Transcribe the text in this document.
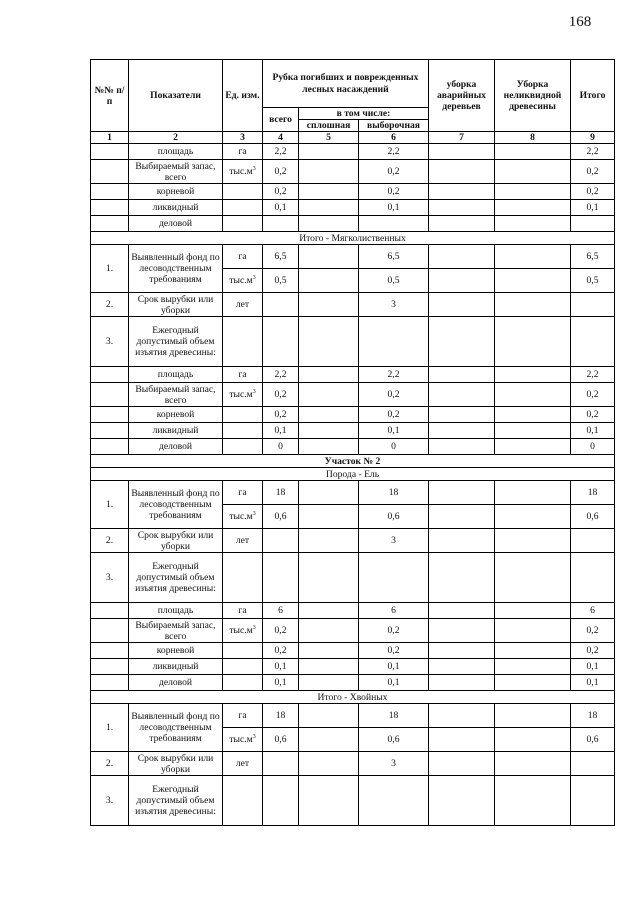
168
№№ п/п	Показатели	Ед. изм.	Рубка погибших и поврежденных лесных насаждений			уборка аварийных деревьев	Уборка неликвидной древесины	Итого
			всего	в том числе:				
				сплошная	выборочная			

1	2	3	4	5	6	7	8	9
	площадь	га	2,2		2,2			2,2
	Выбираемый запас, всего	$тыс.м^3$	0,2		0,2			0,2
	корневой		0,2		0,2			0,2
	ликвидный		0,1		0,1			0,1
	деловой							
Итого - Мягколиственных								
1.	Выявленный фонд по лесоводственным требованиям	га	6,5		6,5			6,5
		$тыс.м^3$	0,5		0,5			0,5
2.	Срок вырубки или уборки	лет			3			
3.	Ежегодный допустимый объем изъятия древесины:							
	площадь	га	2,2		2,2			2,2
	Выбираемый запас, всего	$тыс.м^3$	0,2		0,2			0,2
	корневой		0,2		0,2			0,2
	ликвидный		0,1		0,1			0,1
	деловой		0		0			0
Участок № 2								
Порода - Ель								
1.	Выявленный фонд по лесоводственным требованиям	га	18		18			18
		$тыс.м^3$	0,6		0,6			0,6
2.	Срок вырубки или уборки	лет			3			
3.	Ежегодный допустимый объем изъятия древесины:							
	площадь	га	6		6			6
	Выбираемый запас, всего	$тыс.м^3$	0,2		0,2			0,2
	корневой		0,2		0,2			0,2
	ликвидный		0,1		0,1			0,1
	деловой		0,1		0,1			0,1
Итого - Хвойных								
1.	Выявленный фонд по лесоводственным требованиям	га	18		18			18
		$тыс.м^3$	0,6		0,6			0,6
2.	Срок вырубки или уборки	лет			3			
3.	Ежегодный допустимый объем изъятия древесины:							
